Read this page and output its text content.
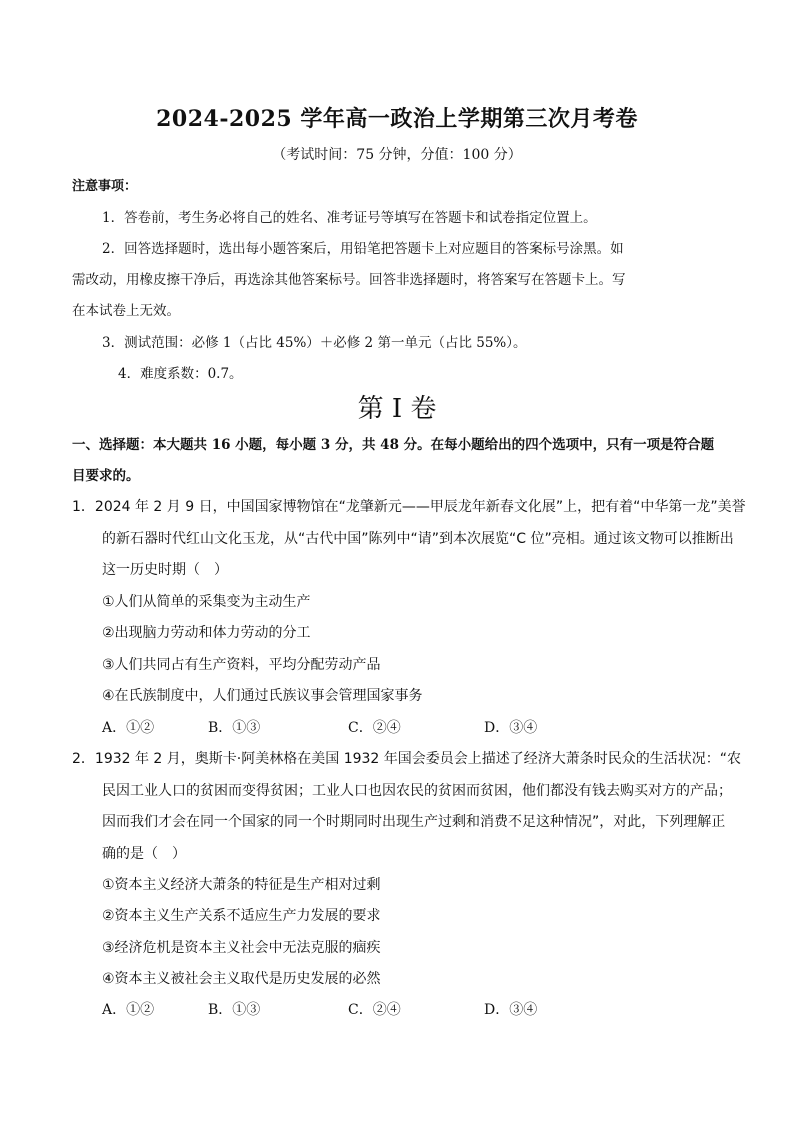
2024-2025 学年高一政治上学期第三次月考卷
（考试时间：75 分钟，分值：100 分）
注意事项：
1．答卷前，考生务必将自己的姓名、准考证号等填写在答题卡和试卷指定位置上。
2．回答选择题时，选出每小题答案后，用铅笔把答题卡上对应题目的答案标号涂黑。如
需改动，用橡皮擦干净后，再选涂其他答案标号。回答非选择题时，将答案写在答题卡上。写
在本试卷上无效。
3．测试范围：必修 1（占比 45%）＋必修 2 第一单元（占比 55%）。
4．难度系数：0.7。
第 I 卷
一、选择题：本大题共 16 小题，每小题 3 分，共 48 分。在每小题给出的四个选项中，只有一项是符合题
目要求的。
1．2024 年 2 月 9 日，中国国家博物馆在“龙肇新元——甲辰龙年新春文化展”上，把有着“中华第一龙”美誉
的新石器时代红山文化玉龙，从“古代中国”陈列中“请”到本次展览“C 位”亮相。通过该文物可以推断出
这一历史时期（　）
①人们从简单的采集变为主动生产
②出现脑力劳动和体力劳动的分工
③人们共同占有生产资料，平均分配劳动产品
④在氏族制度中，人们通过氏族议事会管理国家事务
A．①②	B．①③	C．②④	D．③④
2．1932 年 2 月，奥斯卡·阿美林格在美国 1932 年国会委员会上描述了经济大萧条时民众的生活状况：“农
民因工业人口的贫困而变得贫困；工业人口也因农民的贫困而贫困，他们都没有钱去购买对方的产品；
因而我们才会在同一个国家的同一个时期同时出现生产过剩和消费不足这种情况”，对此，下列理解正
确的是（　）
①资本主义经济大萧条的特征是生产相对过剩
②资本主义生产关系不适应生产力发展的要求
③经济危机是资本主义社会中无法克服的痼疾
④资本主义被社会主义取代是历史发展的必然
A．①②	B．①③	C．②④	D．③④
